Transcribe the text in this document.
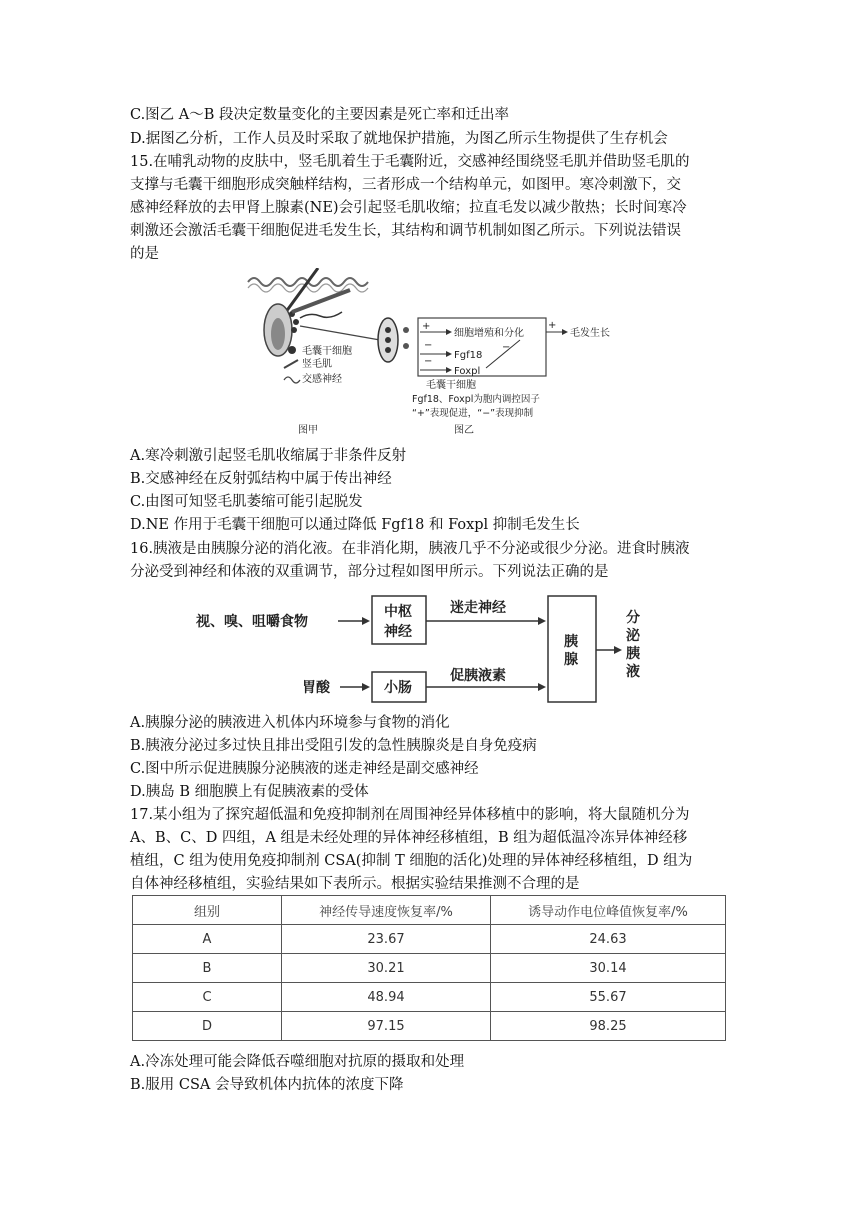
C.图乙 A～B 段决定数量变化的主要因素是死亡率和迁出率
D.据图乙分析，工作人员及时采取了就地保护措施，为图乙所示生物提供了生存机会
15.在哺乳动物的皮肤中，竖毛肌着生于毛囊附近，交感神经围绕竖毛肌并借助竖毛肌的
支撑与毛囊干细胞形成突触样结构，三者形成一个结构单元，如图甲。寒冷刺激下，交
感神经释放的去甲肾上腺素(NE)会引起竖毛肌收缩；拉直毛发以减少散热；长时间寒冷
刺激还会激活毛囊干细胞促进毛发生长，其结构和调节机制如图乙所示。下列说法错误
的是
毛囊干细胞
竖毛肌
交感神经
图甲
+
细胞增殖和分化
−
Fgf18
−
Foxpl
−
+
毛发生长
毛囊干细胞
Fgf18、Foxpl为胞内调控因子
“+”表现促进，“−”表现抑制
图乙
A.寒冷刺激引起竖毛肌收缩属于非条件反射
B.交感神经在反射弧结构中属于传出神经
C.由图可知竖毛肌萎缩可能引起脱发
D.NE 作用于毛囊干细胞可以通过降低 Fgf18 和 Foxpl 抑制毛发生长
16.胰液是由胰腺分泌的消化液。在非消化期，胰液几乎不分泌或很少分泌。进食时胰液
分泌受到神经和体液的双重调节，部分过程如图甲所示。下列说法正确的是
视、嗅、咀嚼食物
中枢
神经
迷走神经
胃酸	小肠
促胰液素
胰
腺
分
泌
胰
液
A.胰腺分泌的胰液进入机体内环境参与食物的消化
B.胰液分泌过多过快且排出受阻引发的急性胰腺炎是自身免疫病
C.图中所示促进胰腺分泌胰液的迷走神经是副交感神经
D.胰岛 B 细胞膜上有促胰液素的受体
17.某小组为了探究超低温和免疫抑制剂在周围神经异体移植中的影响，将大鼠随机分为
A、B、C、D 四组，A 组是未经处理的异体神经移植组，B 组为超低温冷冻异体神经移
植组，C 组为使用免疫抑制剂 CSA(抑制 T 细胞的活化)处理的异体神经移植组，D 组为
自体神经移植组，实验结果如下表所示。根据实验结果推测不合理的是
组别	神经传导速度恢复率/%	诱导动作电位峰值恢复率/%
A	23.67	24.63
B	30.21	30.14
C	48.94	55.67
D	97.15	98.25
A.冷冻处理可能会降低吞噬细胞对抗原的摄取和处理
B.服用 CSA 会导致机体内抗体的浓度下降
